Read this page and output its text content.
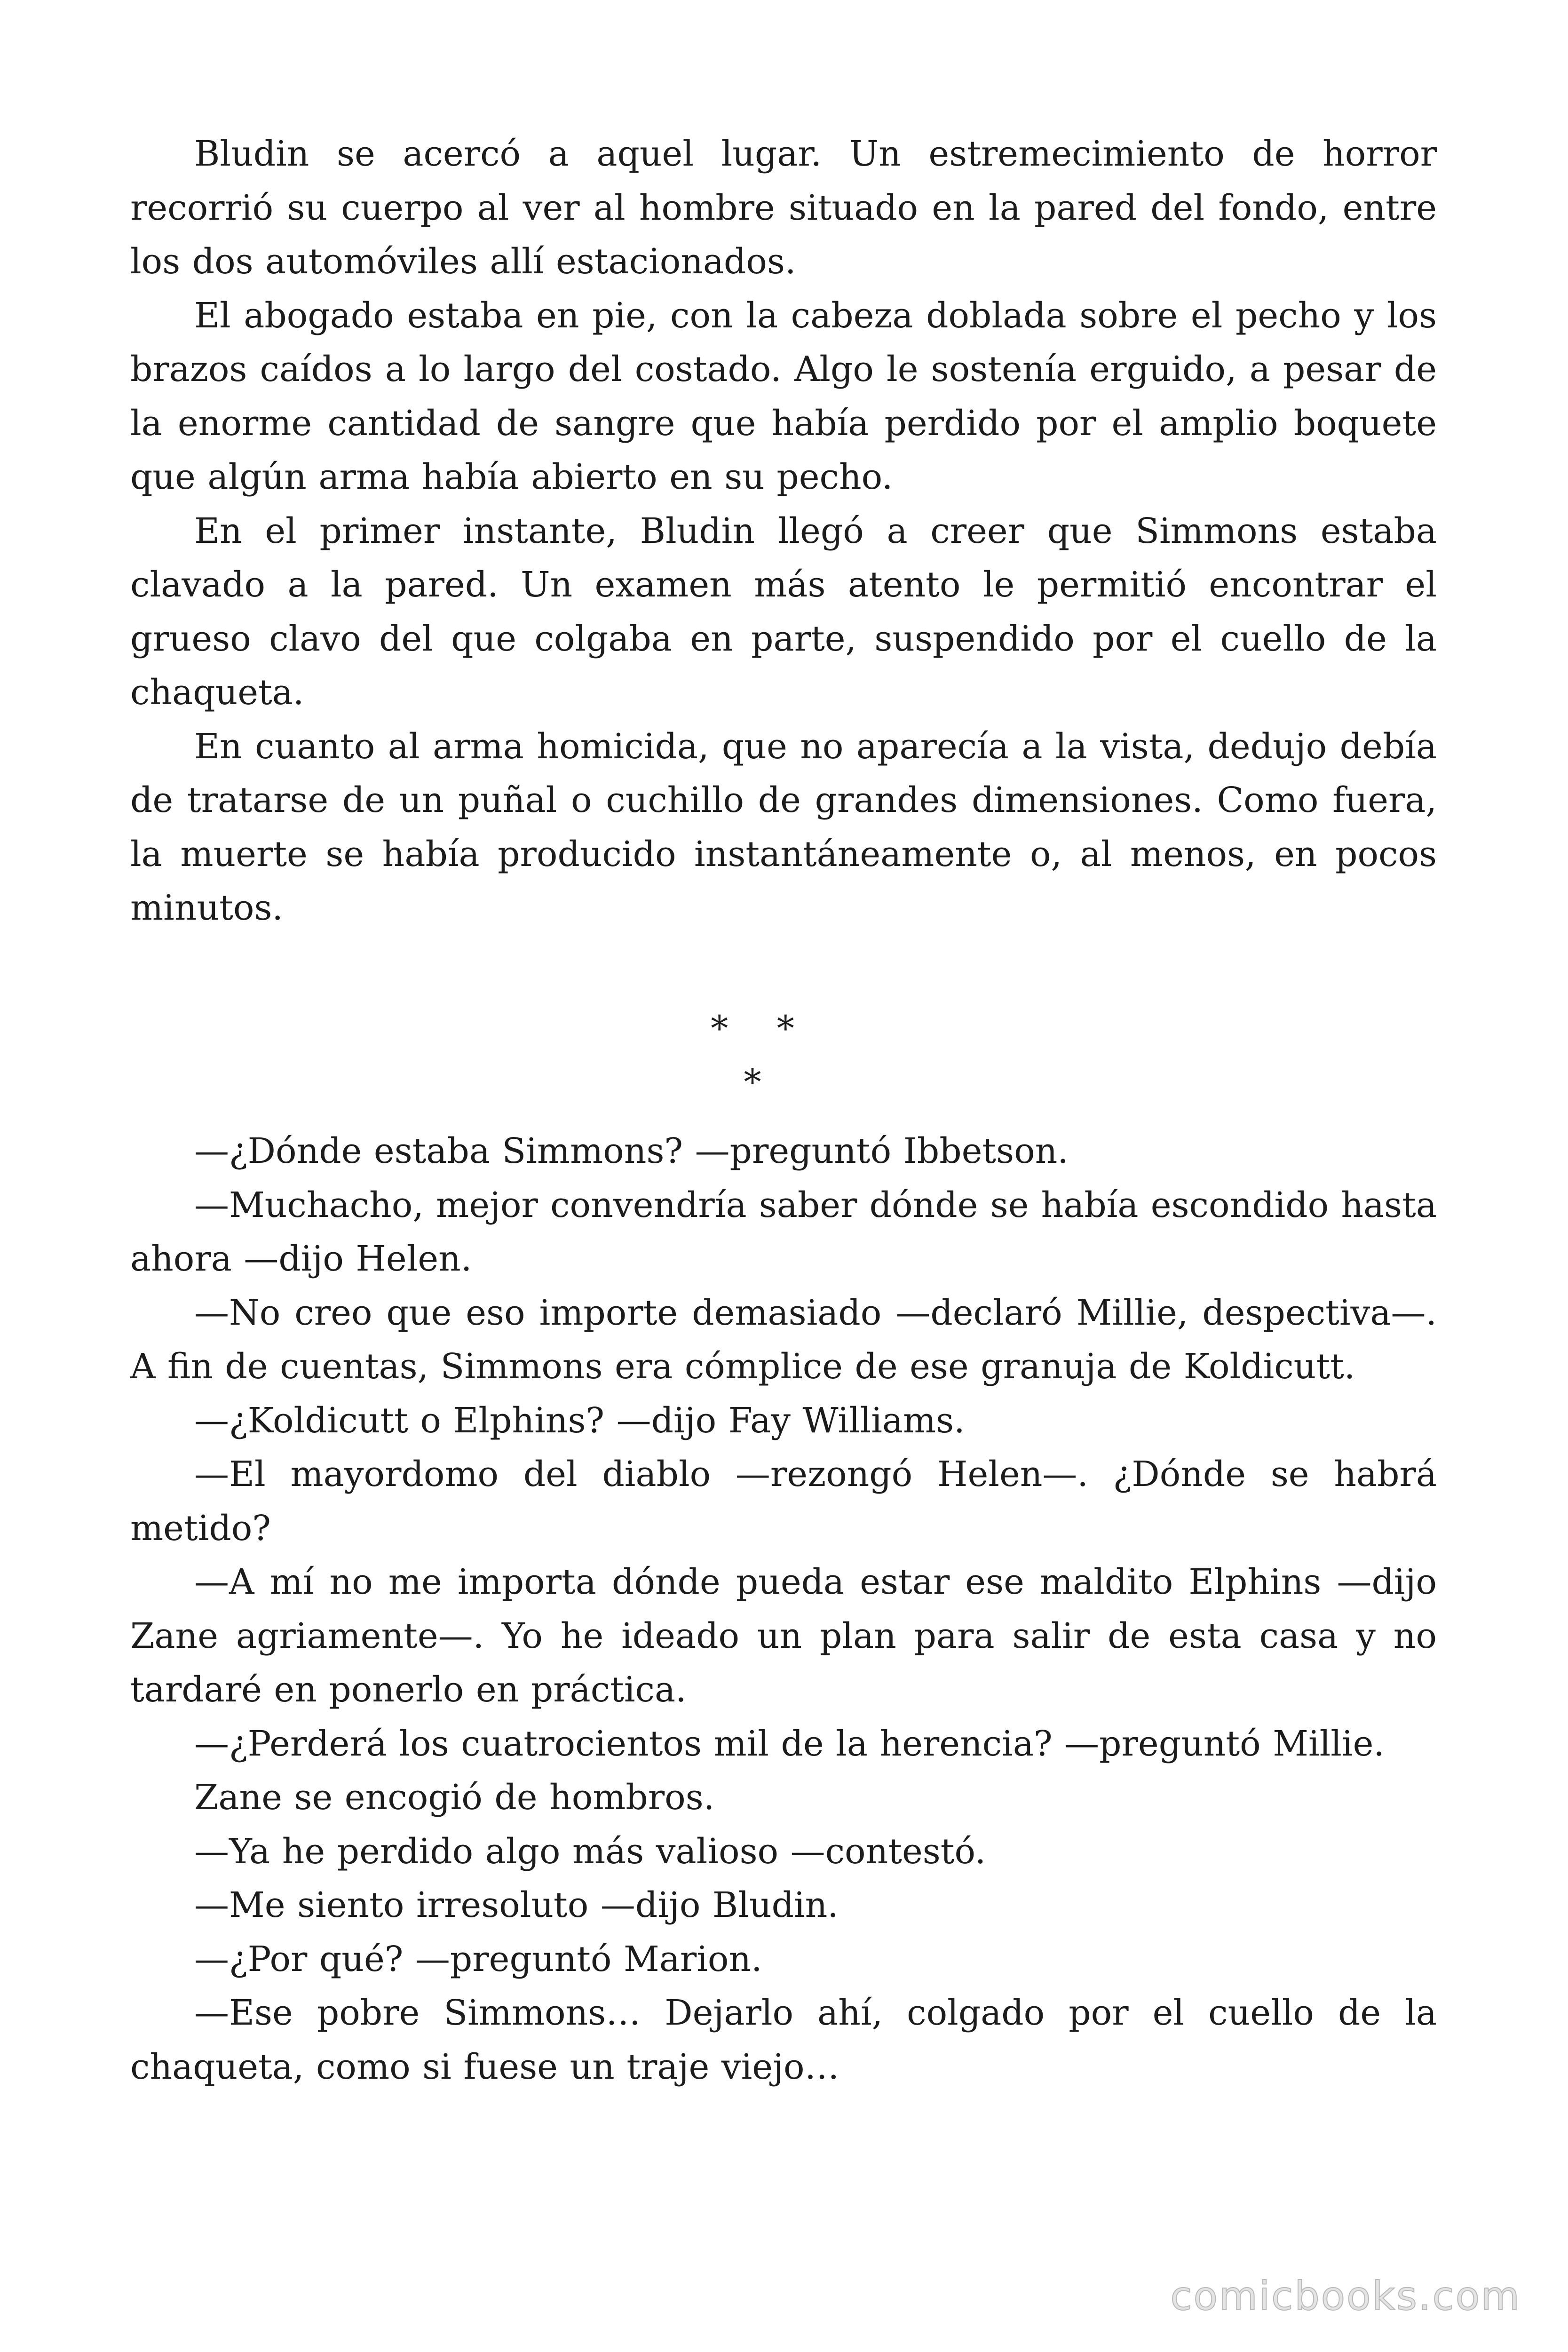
Bludin se acercó a aquel lugar. Un estremecimiento de horror recorrió su cuerpo al ver al hombre situado en la pared del fondo, entre los dos automóviles allí estacionados.

El abogado estaba en pie, con la cabeza doblada sobre el pecho y los brazos caídos a lo largo del costado. Algo le sostenía erguido, a pesar de la enorme cantidad de sangre que había perdido por el amplio boquete que algún arma había abierto en su pecho.

En el primer instante, Bludin llegó a creer que Simmons estaba clavado a la pared. Un examen más atento le permitió encontrar el grueso clavo del que colgaba en parte, suspendido por el cuello de la chaqueta.

En cuanto al arma homicida, que no aparecía a la vista, dedujo debía de tratarse de un puñal o cuchillo de grandes dimensiones. Como fuera, la muerte se había producido instantáneamente o, al menos, en pocos minutos.

* * *

—¿Dónde estaba Simmons? —preguntó Ibbetson.

—Muchacho, mejor convendría saber dónde se había escondido hasta ahora —dijo Helen.

—No creo que eso importe demasiado —declaró Millie, despectiva—. A fin de cuentas, Simmons era cómplice de ese granuja de Koldicutt.

—¿Koldicutt o Elphins? —dijo Fay Williams.

—El mayordomo del diablo —rezongó Helen—. ¿Dónde se habrá metido?

—A mí no me importa dónde pueda estar ese maldito Elphins —dijo Zane agriamente—. Yo he ideado un plan para salir de esta casa y no tardaré en ponerlo en práctica.

—¿Perderá los cuatrocientos mil de la herencia? —preguntó Millie.

Zane se encogió de hombros.

—Ya he perdido algo más valioso —contestó.

—Me siento irresoluto —dijo Bludin.

—¿Por qué? —preguntó Marion.

—Ese pobre Simmons… Dejarlo ahí, colgado por el cuello de la chaqueta, como si fuese un traje viejo…

comicbooks.com
